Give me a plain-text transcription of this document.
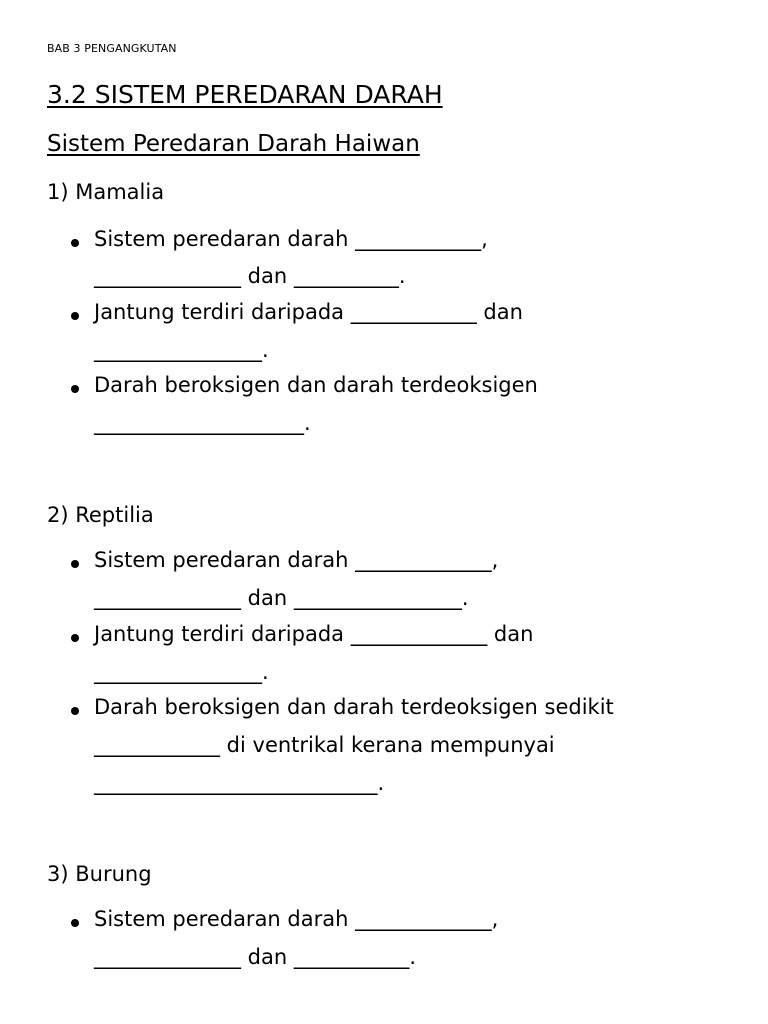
BAB 3 PENGANGKUTAN
3.2 SISTEM PEREDARAN DARAH
Sistem Peredaran Darah Haiwan
1) Mamalia
Sistem peredaran darah ____________,
______________ dan __________.
Jantung terdiri daripada ____________ dan
________________.
Darah beroksigen dan darah terdeoksigen
____________________.
2) Reptilia
Sistem peredaran darah _____________,
______________ dan ________________.
Jantung terdiri daripada _____________ dan
________________.
Darah beroksigen dan darah terdeoksigen sedikit
____________ di ventrikal kerana mempunyai
___________________________.
3) Burung
Sistem peredaran darah _____________,
______________ dan ___________.
